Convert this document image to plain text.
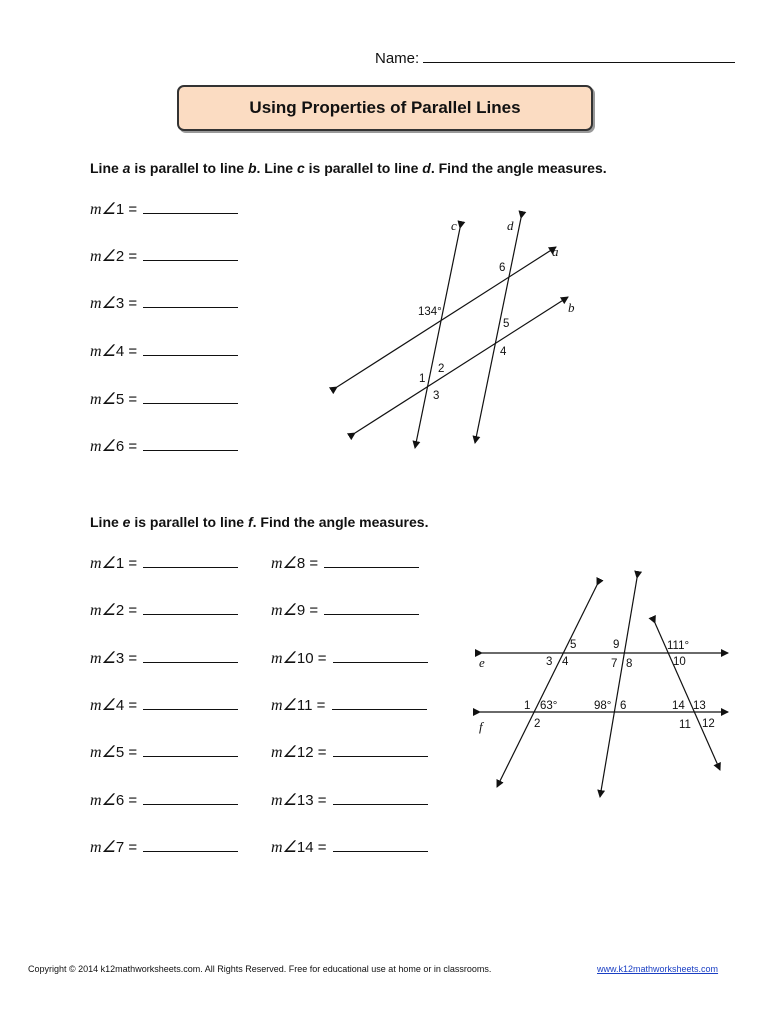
Name:
Using Properties of Parallel Lines
Line a is parallel to line b. Line c is parallel to line d. Find the angle measures.
m∠1 =
m∠2 =
m∠3 =
m∠4 =
m∠5 =
m∠6 =
c	d
a
b
6
134°
5
4
2
1
3
Line e is parallel to line f. Find the angle measures.
m∠1 =
m∠2 =
m∠3 =
m∠4 =
m∠5 =
m∠6 =
m∠7 =
m∠8 =
m∠9 =
m∠10 =
m∠11 =
m∠12 =
m∠13 =
m∠14 =
e
f
5	9	111°
3 4	7 8	10
1 63°	98° 6	14 13
2	11 12
Copyright © 2014 k12mathworksheets.com. All Rights Reserved. Free for educational use at home or in classrooms.	www.k12mathworksheets.com
